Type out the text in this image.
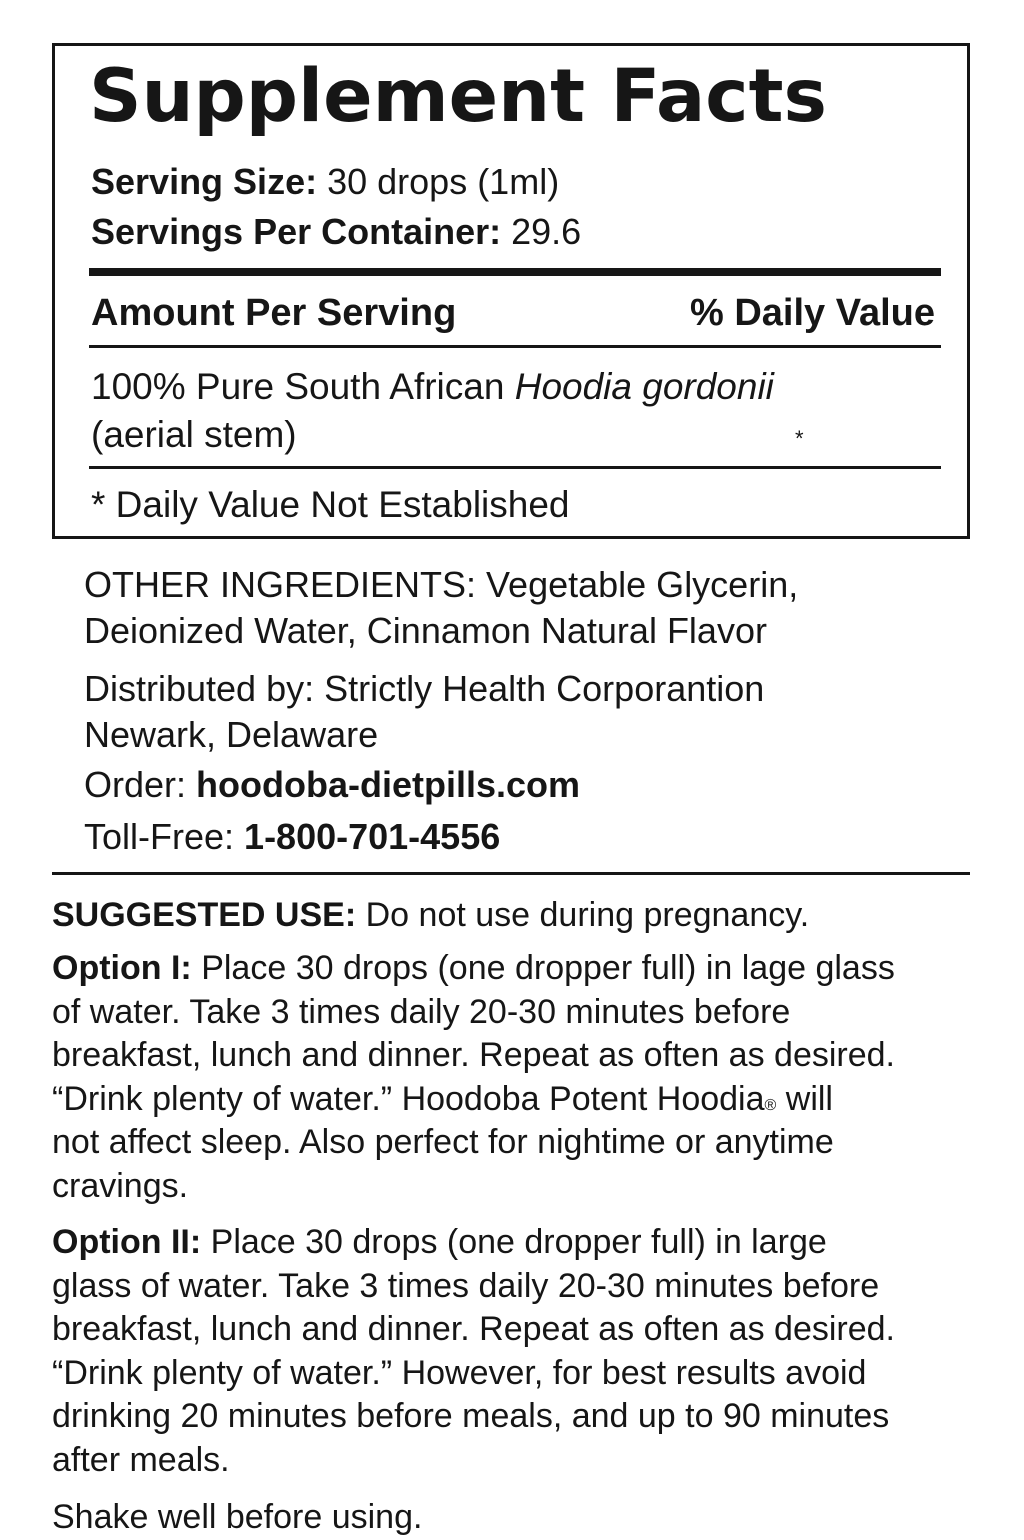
Supplement Facts
Serving Size: 30 drops (1ml)
Servings Per Container: 29.6
Amount Per Serving	% Daily Value
100% Pure South African Hoodia gordonii
(aerial stem)	*
* Daily Value Not Established
OTHER INGREDIENTS: Vegetable Glycerin,
Deionized Water, Cinnamon Natural Flavor
Distributed by: Strictly Health Corporantion
Newark, Delaware
Order: hoodoba-dietpills.com
Toll-Free: 1-800-701-4556
SUGGESTED USE: Do not use during pregnancy.
Option I: Place 30 drops (one dropper full) in lage glass
of water. Take 3 times daily 20-30 minutes before
breakfast, lunch and dinner. Repeat as often as desired.
“Drink plenty of water.” Hoodoba Potent Hoodia® will
not affect sleep. Also perfect for nightime or anytime
cravings.
Option II: Place 30 drops (one dropper full) in large
glass of water. Take 3 times daily 20-30 minutes before
breakfast, lunch and dinner. Repeat as often as desired.
“Drink plenty of water.” However, for best results avoid
drinking 20 minutes before meals, and up to 90 minutes
after meals.
Shake well before using.
